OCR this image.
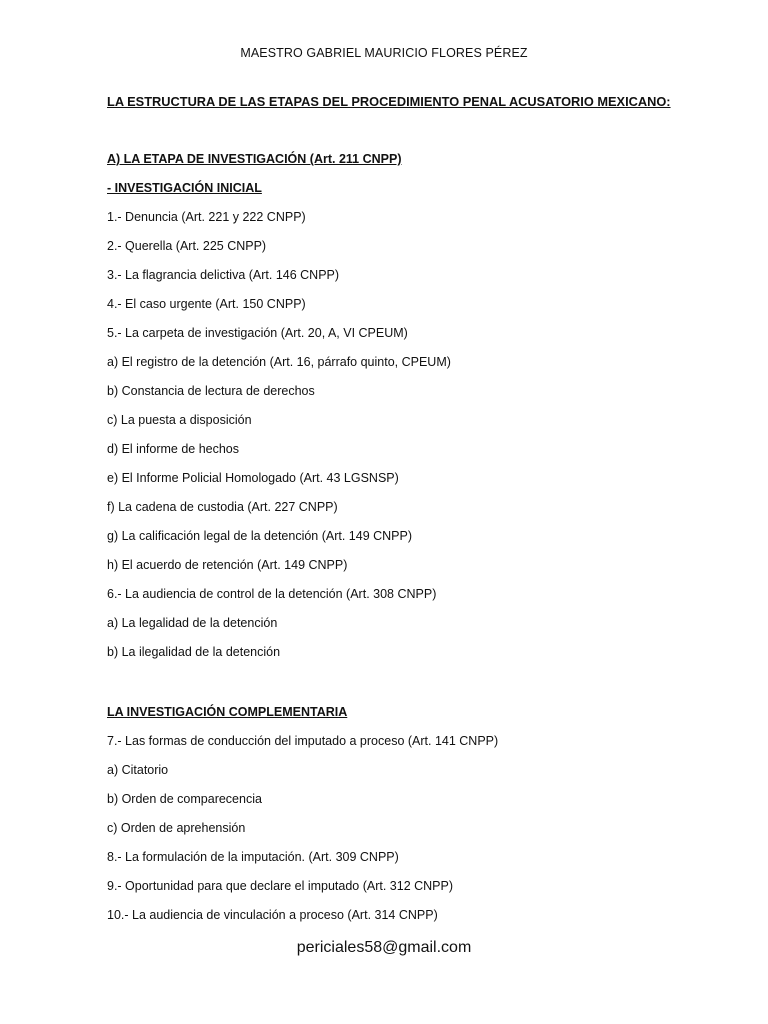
MAESTRO GABRIEL MAURICIO FLORES PÉREZ
LA ESTRUCTURA DE LAS ETAPAS DEL PROCEDIMIENTO PENAL ACUSATORIO MEXICANO:
A) LA ETAPA DE INVESTIGACIÓN (Art. 211 CNPP)
- INVESTIGACIÓN INICIAL
1.- Denuncia (Art. 221 y 222 CNPP)
2.- Querella (Art. 225 CNPP)
3.- La flagrancia delictiva (Art. 146 CNPP)
4.- El caso urgente (Art. 150 CNPP)
5.- La carpeta de investigación (Art. 20, A, VI CPEUM)
a) El registro de la detención (Art. 16, párrafo quinto, CPEUM)
b) Constancia de lectura de derechos
c) La puesta a disposición
d) El informe de hechos
e) El Informe Policial Homologado (Art. 43 LGSNSP)
f) La cadena de custodia (Art. 227 CNPP)
g) La calificación legal de la detención (Art. 149 CNPP)
h) El acuerdo de retención (Art. 149 CNPP)
6.- La audiencia de control de la detención (Art. 308 CNPP)
a) La legalidad de la detención
b) La ilegalidad de la detención
LA INVESTIGACIÓN COMPLEMENTARIA
7.- Las formas de conducción del imputado a proceso (Art. 141 CNPP)
a) Citatorio
b) Orden de comparecencia
c) Orden de aprehensión
8.- La formulación de la imputación. (Art. 309 CNPP)
9.- Oportunidad para que declare el imputado (Art. 312 CNPP)
10.- La audiencia de vinculación a proceso (Art. 314 CNPP)
periciales58@gmail.com
